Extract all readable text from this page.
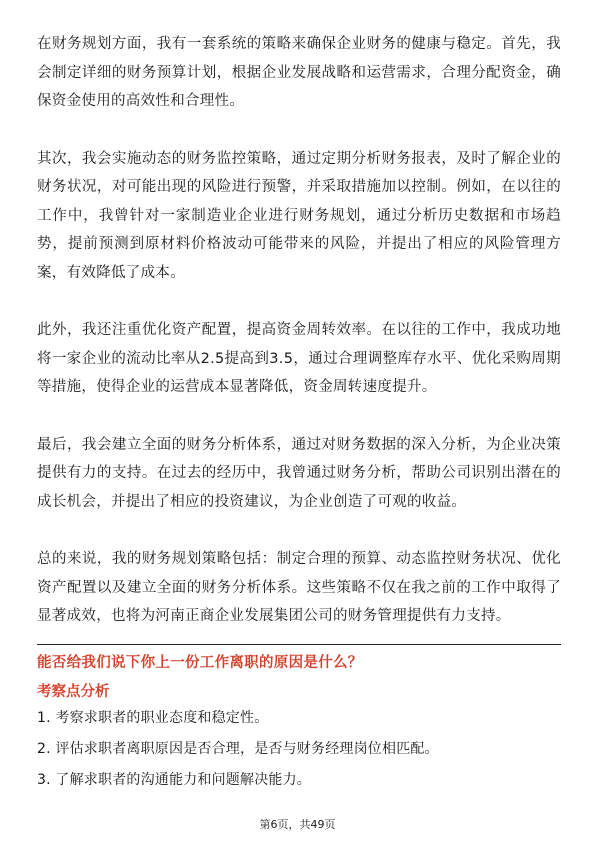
在财务规划方面，我有一套系统的策略来确保企业财务的健康与稳定。首先，我会制定详细的财务预算计划，根据企业发展战略和运营需求，合理分配资金，确保资金使用的高效性和合理性。

其次，我会实施动态的财务监控策略，通过定期分析财务报表，及时了解企业的财务状况，对可能出现的风险进行预警，并采取措施加以控制。例如，在以往的工作中，我曾针对一家制造业企业进行财务规划，通过分析历史数据和市场趋势，提前预测到原材料价格波动可能带来的风险，并提出了相应的风险管理方案，有效降低了成本。

此外，我还注重优化资产配置，提高资金周转效率。在以往的工作中，我成功地将一家企业的流动比率从2.5提高到3.5，通过合理调整库存水平、优化采购周期等措施，使得企业的运营成本显著降低，资金周转速度提升。

最后，我会建立全面的财务分析体系，通过对财务数据的深入分析，为企业决策提供有力的支持。在过去的经历中，我曾通过财务分析，帮助公司识别出潜在的成长机会，并提出了相应的投资建议，为企业创造了可观的收益。

总的来说，我的财务规划策略包括：制定合理的预算、动态监控财务状况、优化资产配置以及建立全面的财务分析体系。这些策略不仅在我之前的工作中取得了显著成效，也将为河南正商企业发展集团公司的财务管理提供有力支持。

能否给我们说下你上一份工作离职的原因是什么？
考察点分析
1. 考察求职者的职业态度和稳定性。
2. 评估求职者离职原因是否合理，是否与财务经理岗位相匹配。
3. 了解求职者的沟通能力和问题解决能力。
第6页，共49页
